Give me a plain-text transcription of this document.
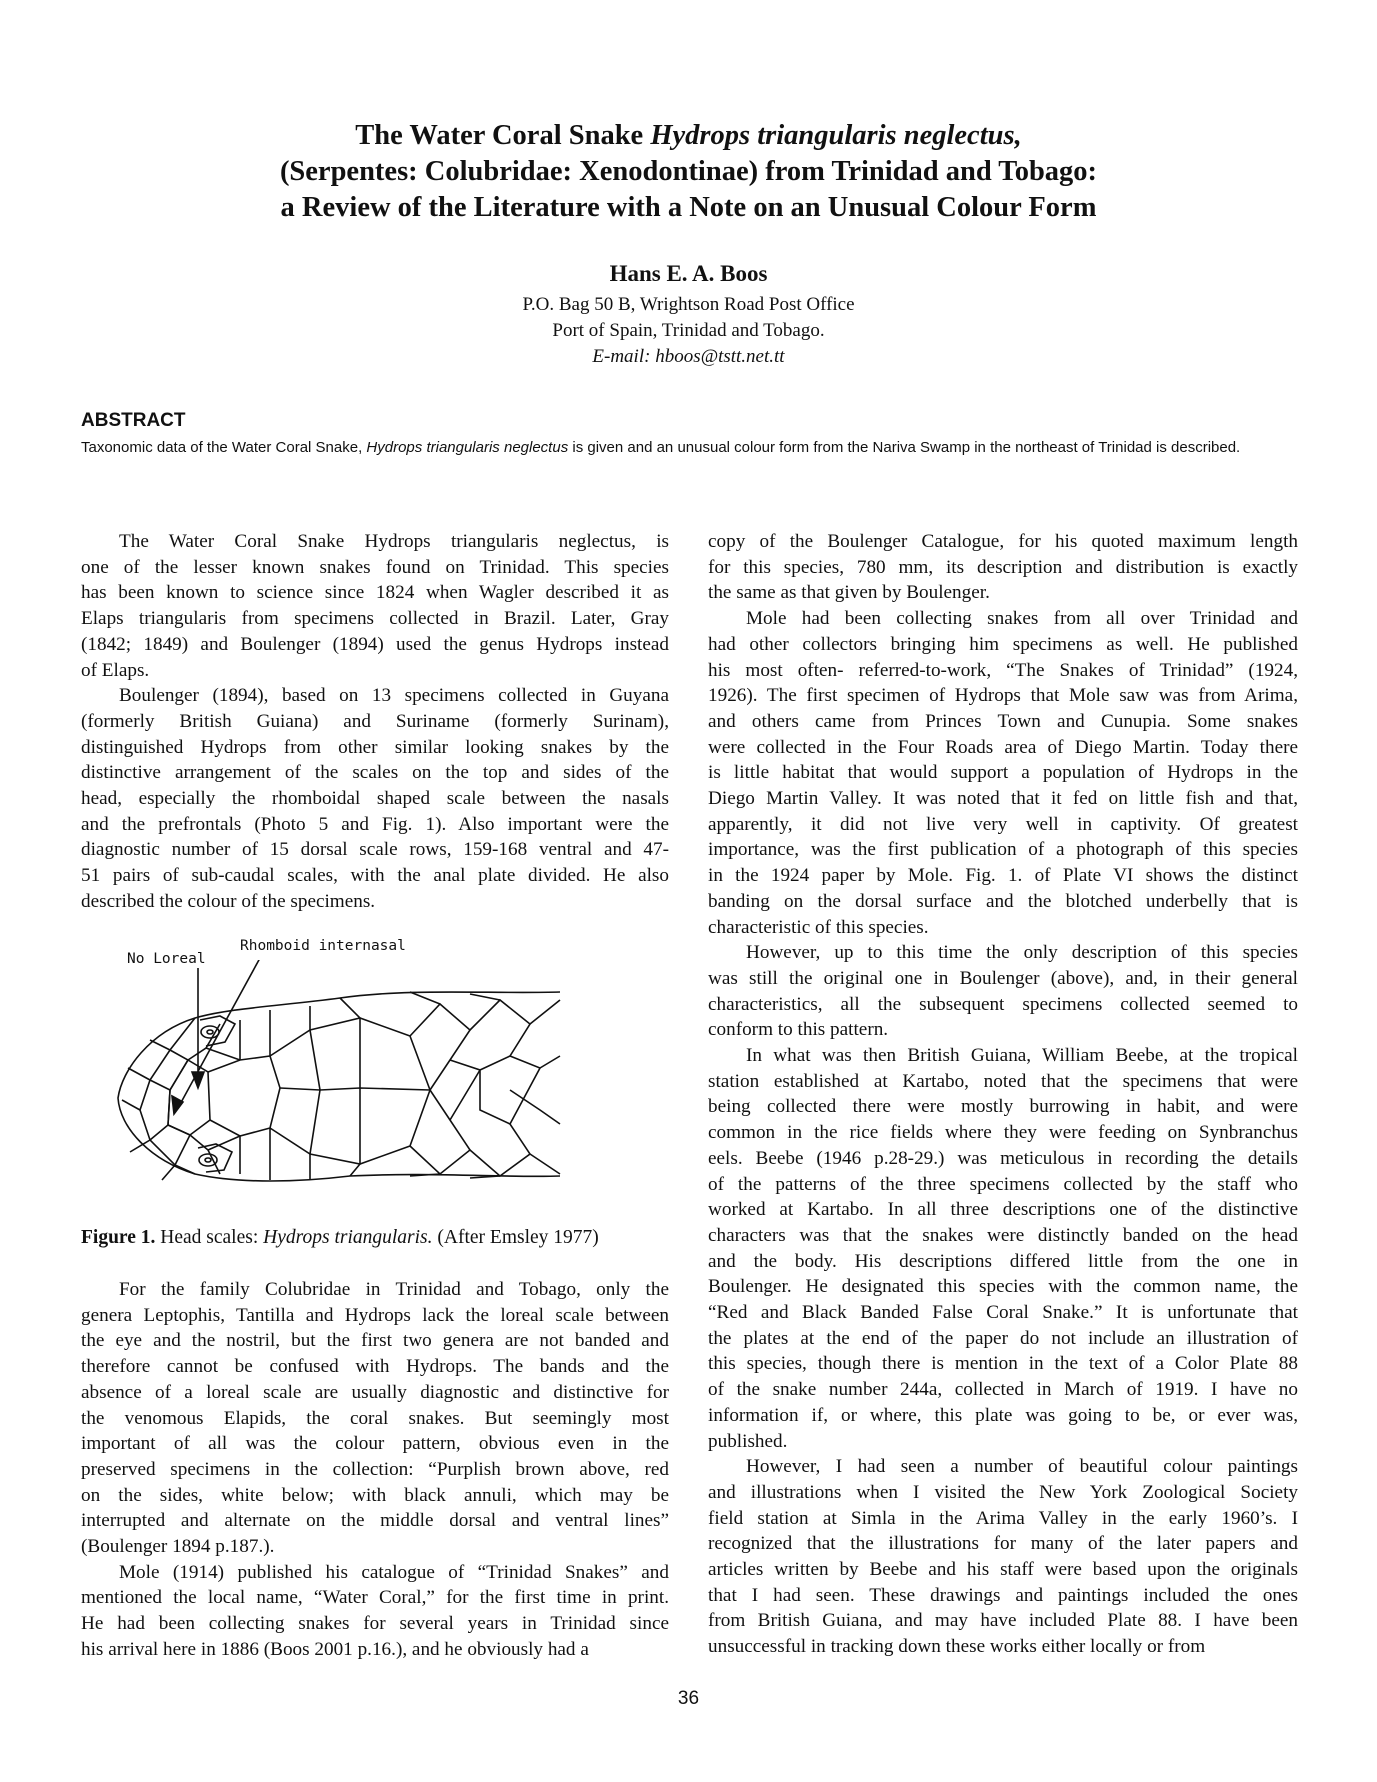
The Water Coral Snake Hydrops triangularis neglectus,
(Serpentes: Colubridae: Xenodontinae) from Trinidad and Tobago:
a Review of the Literature with a Note on an Unusual Colour Form
Hans E. A. Boos
P.O. Bag 50 B, Wrightson Road Post Office
Port of Spain, Trinidad and Tobago.
E-mail: hboos@tstt.net.tt
ABSTRACT
Taxonomic data of the Water Coral Snake, Hydrops triangularis neglectus is given and an unusual colour form from the Nariva Swamp in the northeast of Trinidad is described.
The Water Coral Snake Hydrops triangularis neglectus, is
one of the lesser known snakes found on Trinidad. This species
has been known to science since 1824 when Wagler described it as
Elaps triangularis from specimens collected in Brazil. Later, Gray
(1842; 1849) and Boulenger (1894) used the genus Hydrops instead
of Elaps.
Boulenger (1894), based on 13 specimens collected in Guyana
(formerly British Guiana) and Suriname (formerly Surinam),
distinguished Hydrops from other similar looking snakes by the
distinctive arrangement of the scales on the top and sides of the
head, especially the rhomboidal shaped scale between the nasals
and the prefrontals (Photo 5 and Fig. 1). Also important were the
diagnostic number of 15 dorsal scale rows, 159-168 ventral and 47-
51 pairs of sub-caudal scales, with the anal plate divided. He also
described the colour of the specimens.
For the family Colubridae in Trinidad and Tobago, only the
genera Leptophis, Tantilla and Hydrops lack the loreal scale between
the eye and the nostril, but the first two genera are not banded and
therefore cannot be confused with Hydrops. The bands and the
absence of a loreal scale are usually diagnostic and distinctive for
the venomous Elapids, the coral snakes. But seemingly most
important of all was the colour pattern, obvious even in the
preserved specimens in the collection: “Purplish brown above, red
on the sides, white below; with black annuli, which may be
interrupted and alternate on the middle dorsal and ventral lines”
(Boulenger 1894 p.187.).
Mole (1914) published his catalogue of “Trinidad Snakes” and
mentioned the local name, “Water Coral,” for the first time in print.
He had been collecting snakes for several years in Trinidad since
his arrival here in 1886 (Boos 2001 p.16.), and he obviously had a
copy of the Boulenger Catalogue, for his quoted maximum length
for this species, 780 mm, its description and distribution is exactly
the same as that given by Boulenger.
Mole had been collecting snakes from all over Trinidad and
had other collectors bringing him specimens as well. He published
his most often- referred-to-work, “The Snakes of Trinidad” (1924,
1926). The first specimen of Hydrops that Mole saw was from Arima,
and others came from Princes Town and Cunupia. Some snakes
were collected in the Four Roads area of Diego Martin. Today there
is little habitat that would support a population of Hydrops in the
Diego Martin Valley. It was noted that it fed on little fish and that,
apparently, it did not live very well in captivity. Of greatest
importance, was the first publication of a photograph of this species
in the 1924 paper by Mole. Fig. 1. of Plate VI shows the distinct
banding on the dorsal surface and the blotched underbelly that is
characteristic of this species.
However, up to this time the only description of this species
was still the original one in Boulenger (above), and, in their general
characteristics, all the subsequent specimens collected seemed to
conform to this pattern.
In what was then British Guiana, William Beebe, at the tropical
station established at Kartabo, noted that the specimens that were
being collected there were mostly burrowing in habit, and were
common in the rice fields where they were feeding on Synbranchus
eels. Beebe (1946 p.28-29.) was meticulous in recording the details
of the patterns of the three specimens collected by the staff who
worked at Kartabo. In all three descriptions one of the distinctive
characters was that the snakes were distinctly banded on the head
and the body. His descriptions differed little from the one in
Boulenger. He designated this species with the common name, the
“Red and Black Banded False Coral Snake.” It is unfortunate that
the plates at the end of the paper do not include an illustration of
this species, though there is mention in the text of a Color Plate 88
of the snake number 244a, collected in March of 1919. I have no
information if, or where, this plate was going to be, or ever was,
published.
However, I had seen a number of beautiful colour paintings
and illustrations when I visited the New York Zoological Society
field station at Simla in the Arima Valley in the early 1960’s. I
recognized that the illustrations for many of the later papers and
articles written by Beebe and his staff were based upon the originals
that I had seen. These drawings and paintings included the ones
from British Guiana, and may have included Plate 88. I have been
unsuccessful in tracking down these works either locally or from
No Loreal
Rhomboid internasal
Figure 1. Head scales: Hydrops triangularis. (After Emsley 1977)
36
